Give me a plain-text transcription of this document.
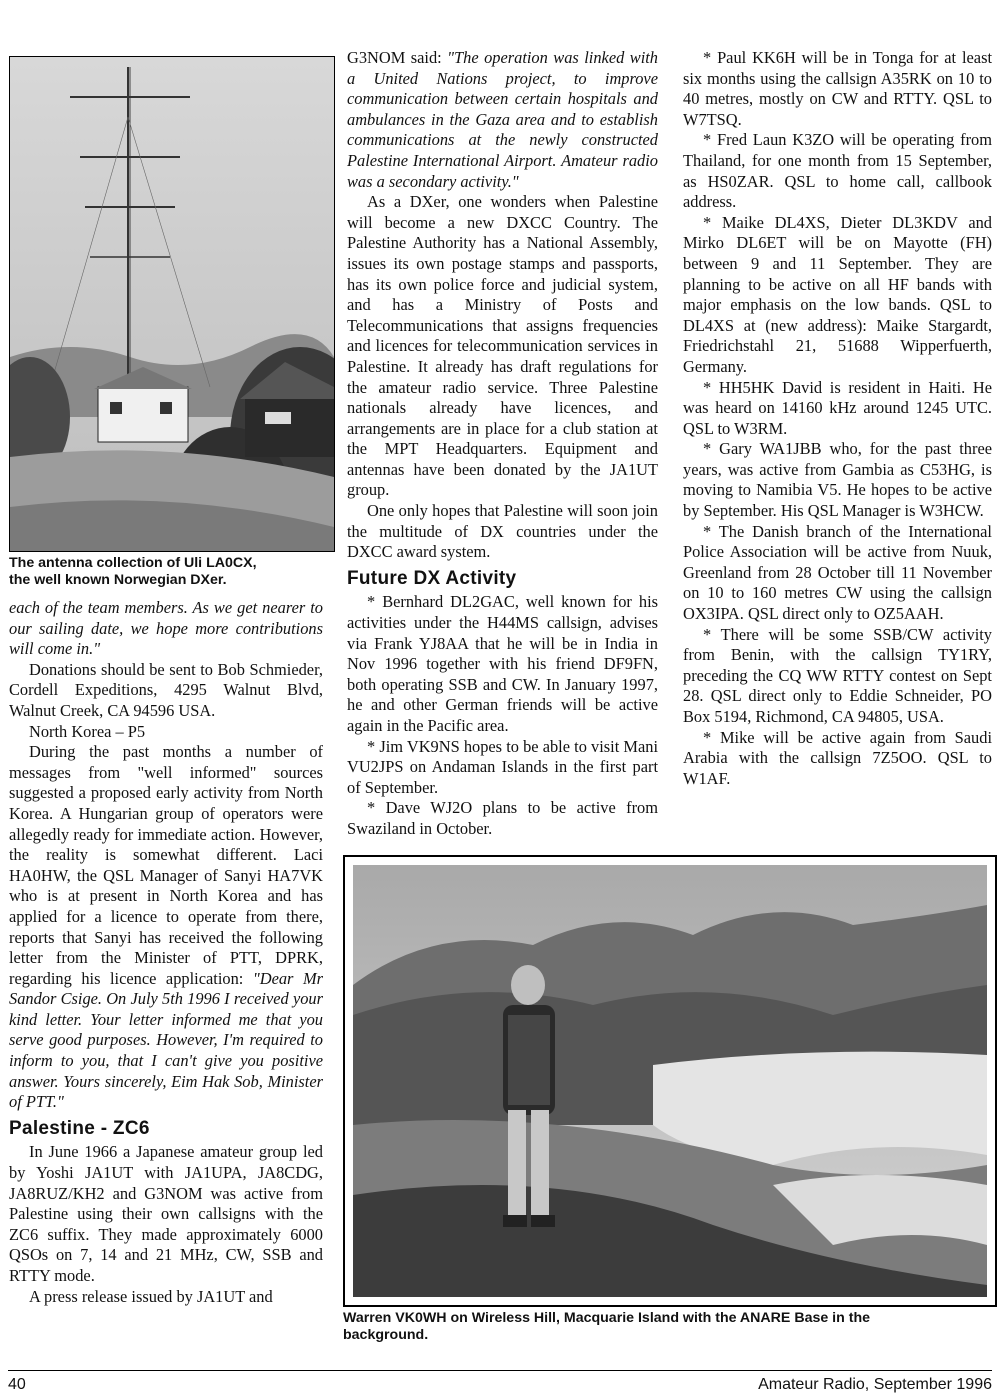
The antenna collection of Uli LA0CX,
the well known Norwegian DXer.

each of the team members. As we get nearer to our sailing date, we hope more contributions will come in."

Donations should be sent to Bob Schmieder, Cordell Expeditions, 4295 Walnut Blvd, Walnut Creek, CA 94596 USA.

North Korea – P5

During the past months a number of messages from "well informed" sources suggested a proposed early activity from North Korea. A Hungarian group of operators were allegedly ready for immediate action. However, the reality is somewhat different. Laci HA0HW, the QSL Manager of Sanyi HA7VK who is at present in North Korea and has applied for a licence to operate from there, reports that Sanyi has received the following letter from the Minister of PTT, DPRK, regarding his licence application: "Dear Mr Sandor Csige. On July 5th 1996 I received your kind letter. Your letter informed me that you serve good purposes. However, I'm required to inform to you, that I can't give you positive answer. Yours sincerely, Eim Hak Sob, Minister of PTT."

Palestine - ZC6

In June 1966 a Japanese amateur group led by Yoshi JA1UT with JA1UPA, JA8CDG, JA8RUZ/KH2 and G3NOM was active from Palestine using their own callsigns with the ZC6 suffix. They made approximately 6000 QSOs on 7, 14 and 21 MHz, CW, SSB and RTTY mode.

A press release issued by JA1UT and

G3NOM said: "The operation was linked with a United Nations project, to improve communication between certain hospitals and ambulances in the Gaza area and to establish communications at the newly constructed Palestine International Airport. Amateur radio was a secondary activity."

As a DXer, one wonders when Palestine will become a new DXCC Country. The Palestine Authority has a National Assembly, issues its own postage stamps and passports, has its own police force and judicial system, and has a Ministry of Posts and Telecommunications that assigns frequencies and licences for telecommunication services in Palestine. It already has draft regulations for the amateur radio service. Three Palestine nationals already have licences, and arrangements are in place for a club station at the MPT Headquarters. Equipment and antennas have been donated by the JA1UT group.

One only hopes that Palestine will soon join the multitude of DX countries under the DXCC award system.

Future DX Activity

* Bernhard DL2GAC, well known for his activities under the H44MS callsign, advises via Frank YJ8AA that he will be in India in Nov 1996 together with his friend DF9FN, both operating SSB and CW. In January 1997, he and other German friends will be active again in the Pacific area.

* Jim VK9NS hopes to be able to visit Mani VU2JPS on Andaman Islands in the first part of September.

* Dave WJ2O plans to be active from Swaziland in October.

* Paul KK6H will be in Tonga for at least six months using the callsign A35RK on 10 to 40 metres, mostly on CW and RTTY. QSL to W7TSQ.

* Fred Laun K3ZO will be operating from Thailand, for one month from 15 September, as HS0ZAR. QSL to home call, callbook address.

* Maike DL4XS, Dieter DL3KDV and Mirko DL6ET will be on Mayotte (FH) between 9 and 11 September. They are planning to be active on all HF bands with major emphasis on the low bands. QSL to DL4XS at (new address): Maike Stargardt, Friedrichstahl 21, 51688 Wipperfuerth, Germany.

* HH5HK David is resident in Haiti. He was heard on 14160 kHz around 1245 UTC. QSL to W3RM.

* Gary WA1JBB who, for the past three years, was active from Gambia as C53HG, is moving to Namibia V5. He hopes to be active by September. His QSL Manager is W3HCW.

* The Danish branch of the International Police Association will be active from Nuuk, Greenland from 28 October till 11 November on 10 to 160 metres CW using the callsign OX3IPA. QSL direct only to OZ5AAH.

* There will be some SSB/CW activity from Benin, with the callsign TY1RY, preceding the CQ WW RTTY contest on Sept 28. QSL direct only to Eddie Schneider, PO Box 5194, Richmond, CA 94805, USA.

* Mike will be active again from Saudi Arabia with the callsign 7Z5OO. QSL to W1AF.

Warren VK0WH on Wireless Hill, Macquarie Island with the ANARE Base in the
background.
40	Amateur Radio, September 1996
